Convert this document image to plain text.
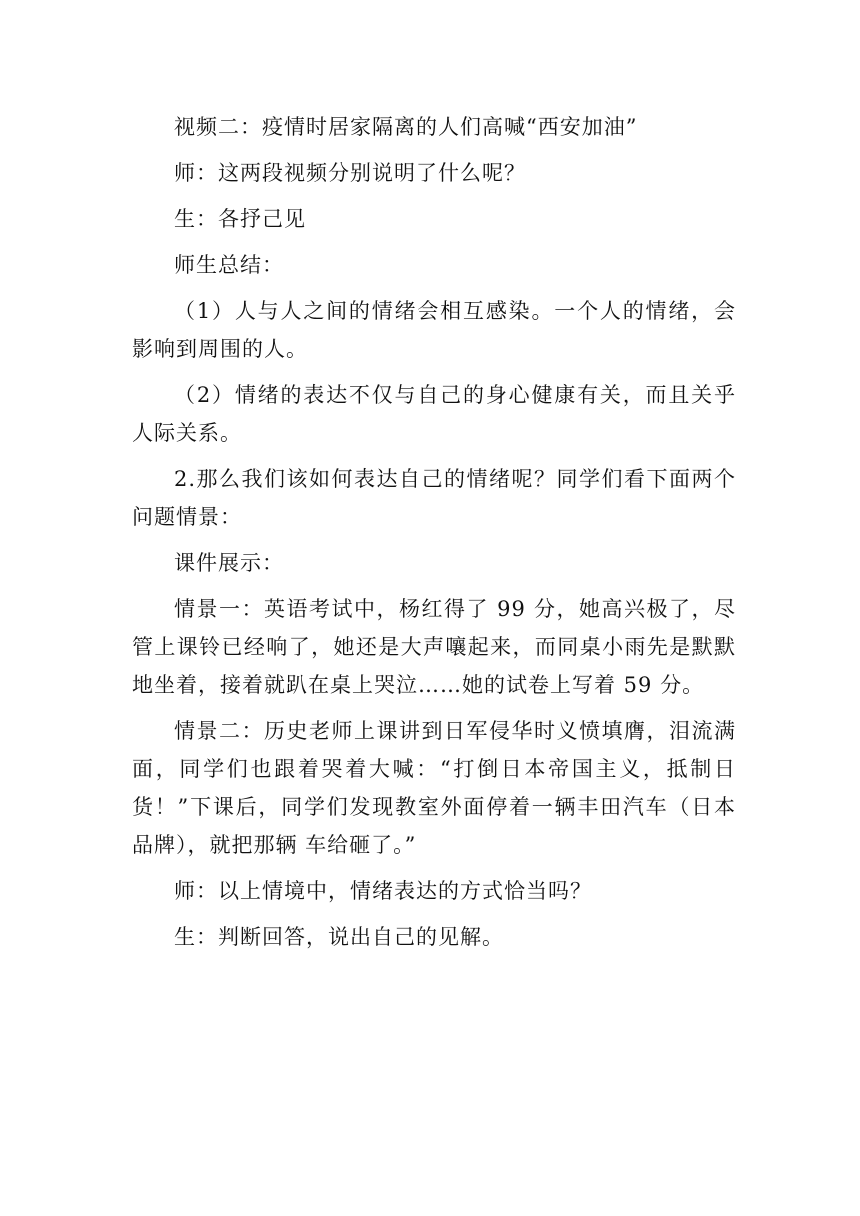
视频二：疫情时居家隔离的人们高喊“西安加油”

师：这两段视频分别说明了什么呢？

生：各抒己见

师生总结：

（1）人与人之间的情绪会相互感染。一个人的情绪，会影响到周围的人。

（2）情绪的表达不仅与自己的身心健康有关，而且关乎人际关系。

2.那么我们该如何表达自己的情绪呢？同学们看下面两个问题情景：

课件展示：

情景一：英语考试中，杨红得了 99 分，她高兴极了，尽管上课铃已经响了，她还是大声嚷起来，而同桌小雨先是默默地坐着，接着就趴在桌上哭泣……她的试卷上写着 59 分。

情景二：历史老师上课讲到日军侵华时义愤填膺，泪流满面，同学们也跟着哭着大喊：“打倒日本帝国主义，抵制日货！”下课后，同学们发现教室外面停着一辆丰田汽车（日本品牌），就把那辆 车给砸了。”

师：以上情境中，情绪表达的方式恰当吗？

生：判断回答，说出自己的见解。
